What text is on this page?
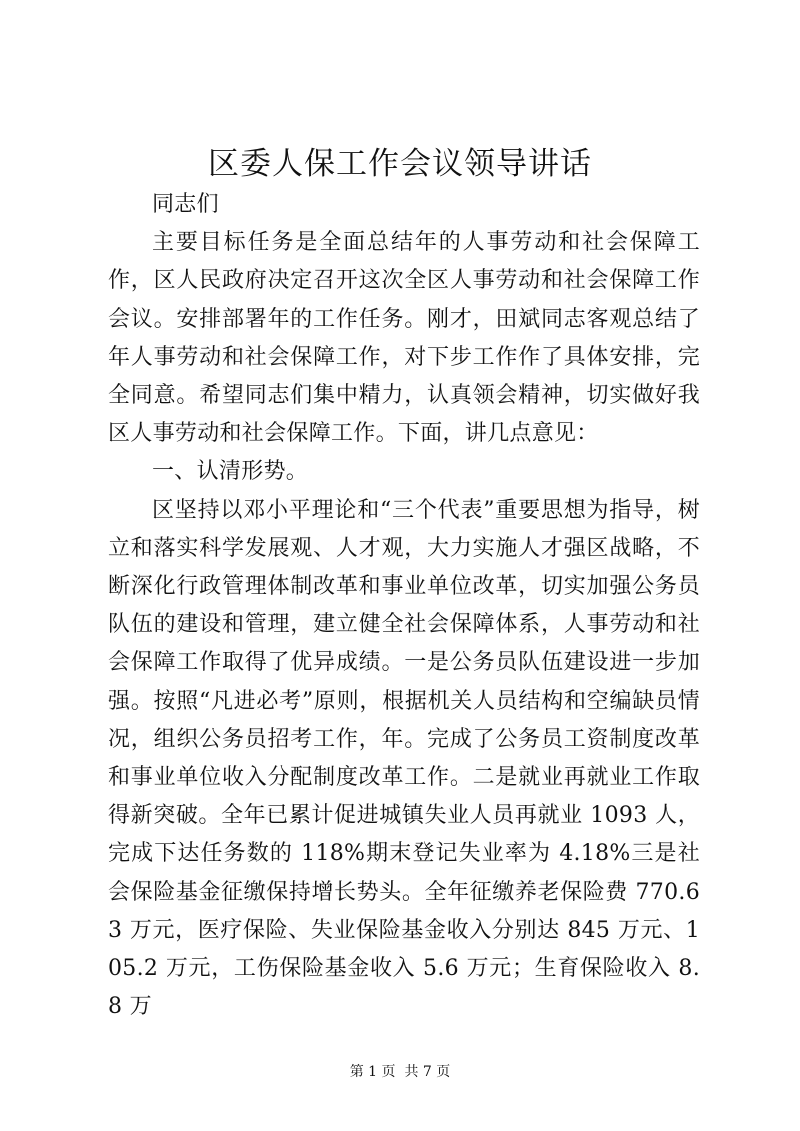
区委人保工作会议领导讲话

同志们

主要目标任务是全面总结年的人事劳动和社会保障工作，区人民政府决定召开这次全区人事劳动和社会保障工作会议。安排部署年的工作任务。刚才，田斌同志客观总结了年人事劳动和社会保障工作，对下步工作作了具体安排，完全同意。希望同志们集中精力，认真领会精神，切实做好我区人事劳动和社会保障工作。下面，讲几点意见：

一、认清形势。

区坚持以邓小平理论和“三个代表”重要思想为指导，树立和落实科学发展观、人才观，大力实施人才强区战略，不断深化行政管理体制改革和事业单位改革，切实加强公务员队伍的建设和管理，建立健全社会保障体系，人事劳动和社会保障工作取得了优异成绩。一是公务员队伍建设进一步加强。按照“凡进必考”原则，根据机关人员结构和空编缺员情况，组织公务员招考工作，年。完成了公务员工资制度改革和事业单位收入分配制度改革工作。二是就业再就业工作取得新突破。全年已累计促进城镇失业人员再就业 1093 人，完成下达任务数的 118%期末登记失业率为 4.18%三是社会保险基金征缴保持增长势头。全年征缴养老保险费 770.63 万元，医疗保险、失业保险基金收入分别达 845 万元、105.2 万元，工伤保险基金收入 5.6 万元；生育保险收入 8.8 万

第 1 页 共 7 页
